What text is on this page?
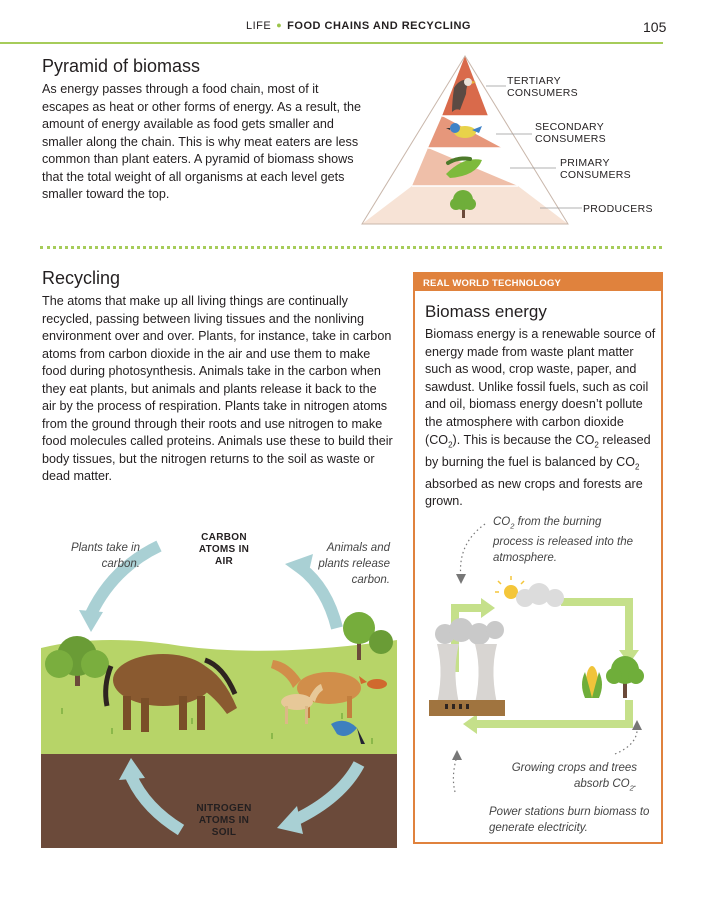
LIFE ● FOOD CHAINS AND RECYCLING	105
Pyramid of biomass

As energy passes through a food chain, most of it escapes as heat or other forms of energy. As a result, the amount of energy available as food gets smaller and smaller along the chain. This is why meat eaters are less common than plant eaters. A pyramid of biomass shows that the total weight of all organisms at each level gets smaller toward the top.

TERTIARY
CONSUMERS
SECONDARY
CONSUMERS
PRIMARY
CONSUMERS
PRODUCERS
Recycling

The atoms that make up all living things are continually recycled, passing between living tissues and the nonliving environment over and over. Plants, for instance, take in carbon atoms from carbon dioxide in the air and use them to make food during photosynthesis. Animals take in the carbon when they eat plants, but animals and plants release it back to the air by the process of respiration. Plants take in nitrogen atoms from the ground through their roots and use nitrogen to make food molecules called proteins. Animals use these to build their body tissues, but the nitrogen returns to the soil as waste or dead matter.

Plants take in carbon.
Animals and plants release carbon.
CARBON ATOMS IN AIR
NITROGEN ATOMS IN SOIL
REAL WORLD TECHNOLOGY
Biomass energy
Biomass energy is a renewable source of energy made from waste plant matter such as wood, crop waste, paper, and sawdust. Unlike fossil fuels, such as coil and oil, biomass energy doesn’t pollute the atmosphere with carbon dioxide $(CO_2)$. This is because the $CO_2$ released by burning the fuel is balanced by $CO_2$ absorbed as new crops and forests are grown.
$CO_2$ from the burning process is released into the atmosphere.
Growing crops and trees absorb $CO_2$.
Power stations burn biomass to generate electricity.
